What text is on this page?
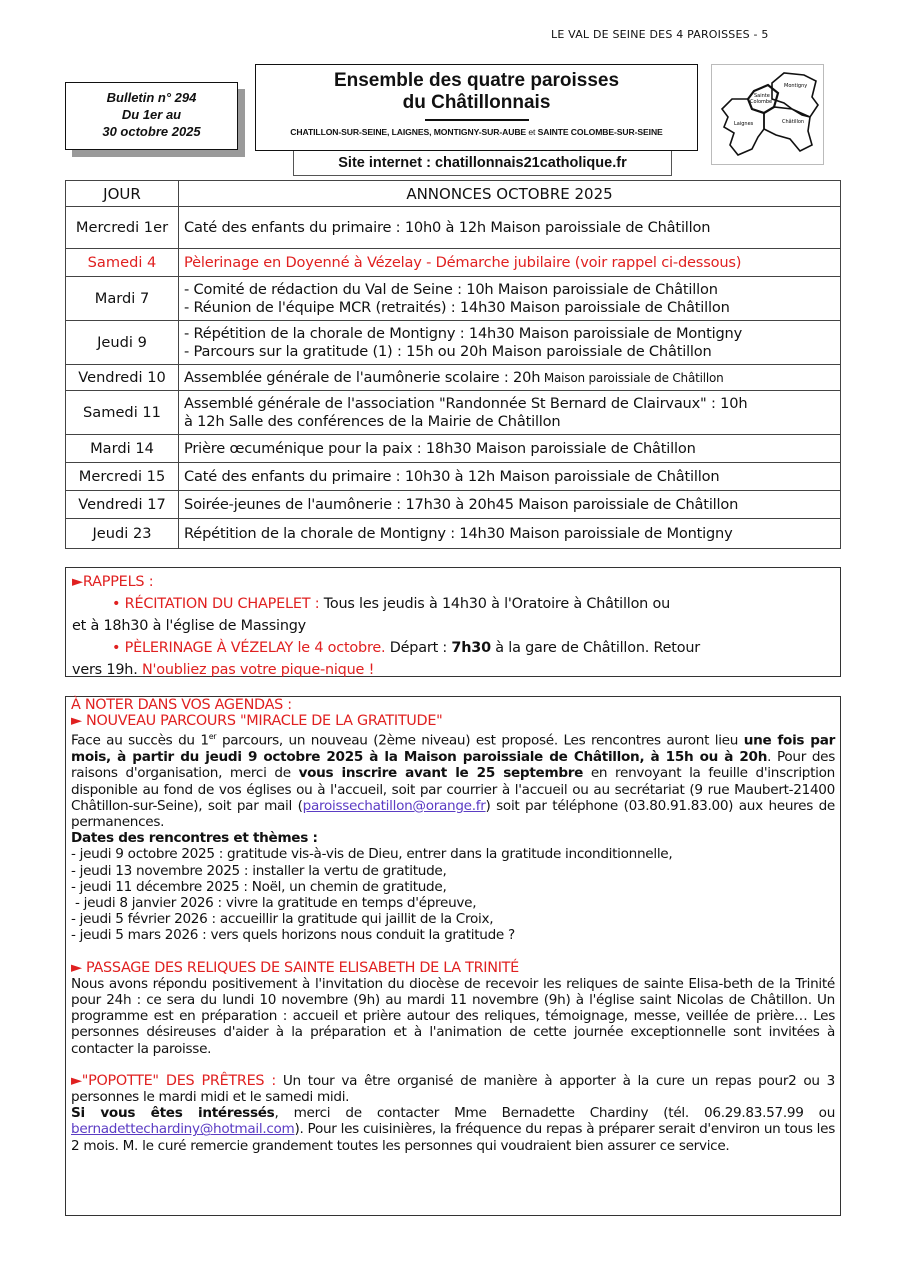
LE VAL DE SEINE DES 4 PAROISSES - 5
Bulletin n° 294
Du 1er au
30 octobre 2025
Ensemble des quatre paroisses
du Châtillonnais
CHATILLON-SUR-SEINE, LAIGNES, MONTIGNY-SUR-AUBE et SAINTE COLOMBE-SUR-SEINE
Site internet : chatillonnais21catholique.fr
Sainte
Colombe
Montigny
Châtillon
Laignes
JOUR	ANNONCES OCTOBRE 2025
Mercredi 1er	Caté des enfants du primaire : 10h0 à 12h Maison paroissiale de Châtillon
Samedi 4	Pèlerinage en Doyenné à Vézelay - Démarche jubilaire (voir rappel ci-dessous)
Mardi 7	- Comité de rédaction du Val de Seine : 10h Maison paroissiale de Châtillon
- Réunion de l'équipe MCR (retraités) : 14h30 Maison paroissiale de Châtillon

Jeudi 9	- Répétition de la chorale de Montigny : 14h30 Maison paroissiale de Montigny
- Parcours sur la gratitude (1) : 15h ou 20h Maison paroissiale de Châtillon

Vendredi 10	Assemblée générale de l'aumônerie scolaire : 20h Maison paroissiale de Châtillon
Samedi 11	Assemblé générale de l'association "Randonnée St Bernard de Clairvaux" : 10h
à 12h Salle des conférences de la Mairie de Châtillon

Mardi 14	Prière œcuménique pour la paix : 18h30 Maison paroissiale de Châtillon
Mercredi 15	Caté des enfants du primaire : 10h30 à 12h Maison paroissiale de Châtillon
Vendredi 17	Soirée-jeunes de l'aumônerie : 17h30 à 20h45 Maison paroissiale de Châtillon
Jeudi 23	Répétition de la chorale de Montigny : 14h30 Maison paroissiale de Montigny
►RAPPELS :
• RÉCITATION DU CHAPELET : Tous les jeudis à 14h30 à l'Oratoire à Châtillon ou
et à 18h30 à l'église de Massingy
• PÈLERINAGE À VÉZELAY le 4 octobre. Départ : 7h30 à la gare de Châtillon. Retour
vers 19h. N'oubliez pas votre pique-nique !
À NOTER DANS VOS AGENDAS :
► NOUVEAU PARCOURS "MIRACLE DE LA GRATITUDE"
Face au succès du 1er parcours, un nouveau (2ème niveau) est proposé. Les rencontres auront lieu une fois par mois, à partir du jeudi 9 octobre 2025 à la Maison paroissiale de Châtillon, à 15h ou à 20h. Pour des raisons d'organisation, merci de vous inscrire avant le 25 septembre en renvoyant la feuille d'inscription disponible au fond de vos églises ou à l'accueil, soit par courrier à l'accueil ou au secrétariat (9 rue Maubert-21400 Châtillon-sur-Seine), soit par mail (paroissechatillon@orange.fr) soit par téléphone (03.80.91.83.00) aux heures de permanences.
Dates des rencontres et thèmes :
- jeudi 9 octobre 2025 : gratitude vis-à-vis de Dieu, entrer dans la gratitude inconditionnelle,
- jeudi 13 novembre 2025 : installer la vertu de gratitude,
- jeudi 11 décembre 2025 : Noël, un chemin de gratitude,
- jeudi 8 janvier 2026 : vivre la gratitude en temps d'épreuve,
- jeudi 5 février 2026 : accueillir la gratitude qui jaillit de la Croix,
- jeudi 5 mars 2026 : vers quels horizons nous conduit la gratitude ?
► PASSAGE DES RELIQUES DE SAINTE ELISABETH DE LA TRINITÉ
Nous avons répondu positivement à l'invitation du diocèse de recevoir les reliques de sainte Elisa-beth de la Trinité pour 24h : ce sera du lundi 10 novembre (9h) au mardi 11 novembre (9h) à l'église saint Nicolas de Châtillon. Un programme est en préparation : accueil et prière autour des reliques, témoignage, messe, veillée de prière… Les personnes désireuses d'aider à la préparation et à l'animation de cette journée exceptionnelle sont invitées à contacter la paroisse.
►"POPOTTE" DES PRÊTRES : Un tour va être organisé de manière à apporter à la cure un repas pour2 ou 3 personnes le mardi midi et le samedi midi.
Si vous êtes intéressés, merci de contacter Mme Bernadette Chardiny (tél. 06.29.83.57.99 ou bernadettechardiny@hotmail.com). Pour les cuisinières, la fréquence du repas à préparer serait d'environ un tous les 2 mois. M. le curé remercie grandement toutes les personnes qui voudraient bien assurer ce service.
